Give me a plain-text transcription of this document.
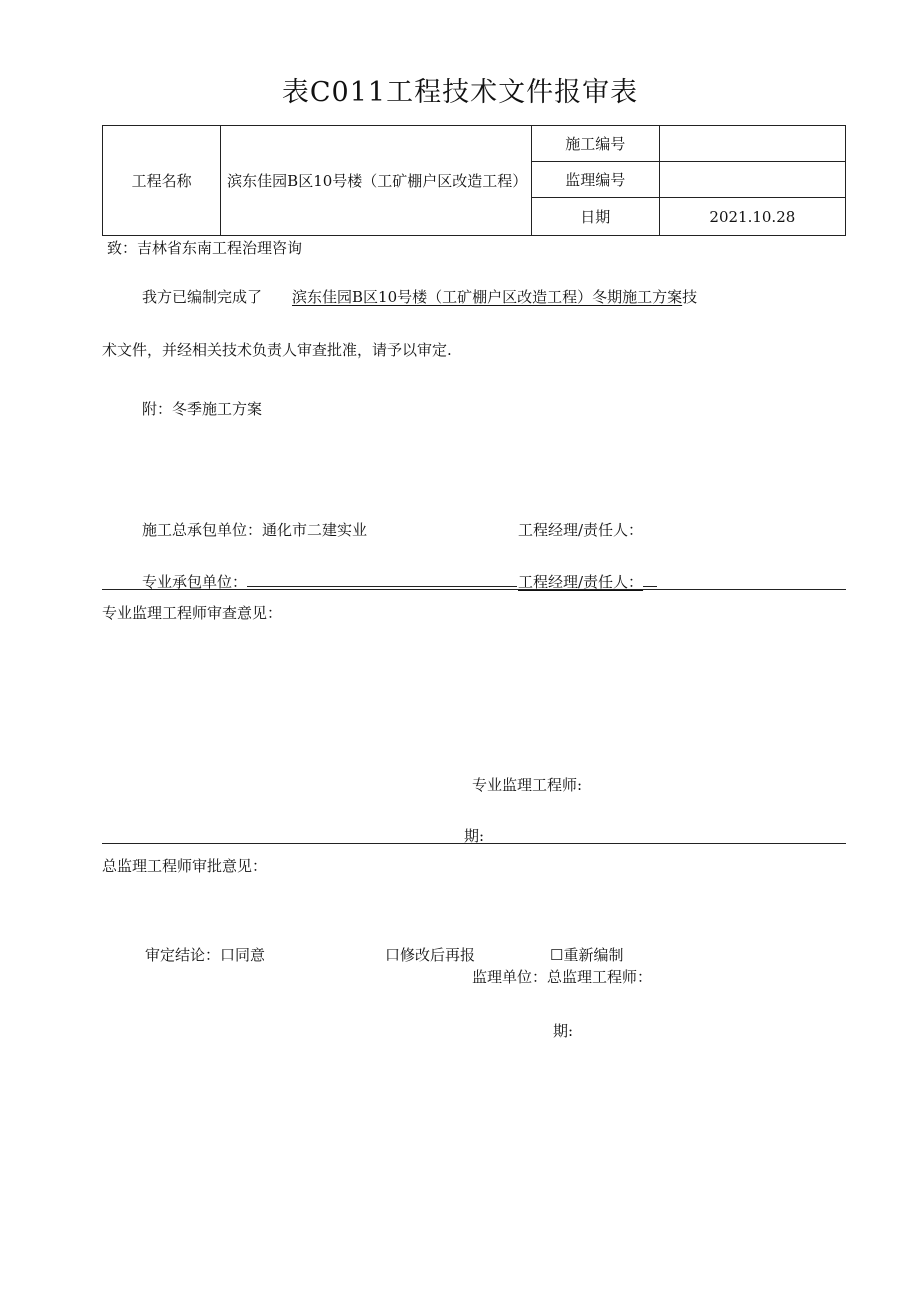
表C011工程技术文件报审表
工程名称	滨东佳园B区10号楼（工矿棚户区改造工程）	施工编号	
		监理编号	
		日期	2021.10.28
致：吉林省东南工程治理咨询
我方已编制完成了 滨东佳园B区10号楼（工矿棚户区改造工程）冬期施工方案技
术文件，并经相关技术负责人审查批准，请予以审定.
附：冬季施工方案
施工总承包单位：通化市二建实业	工程经理/责任人：
专业承包单位：	工程经理/责任人：
专业监理工程师审查意见：
专业监理工程师:
期:
总监理工程师审批意见：
审定结论：口同意	口修改后再报	☐重新编制
监理单位：总监理工程师：
期:
